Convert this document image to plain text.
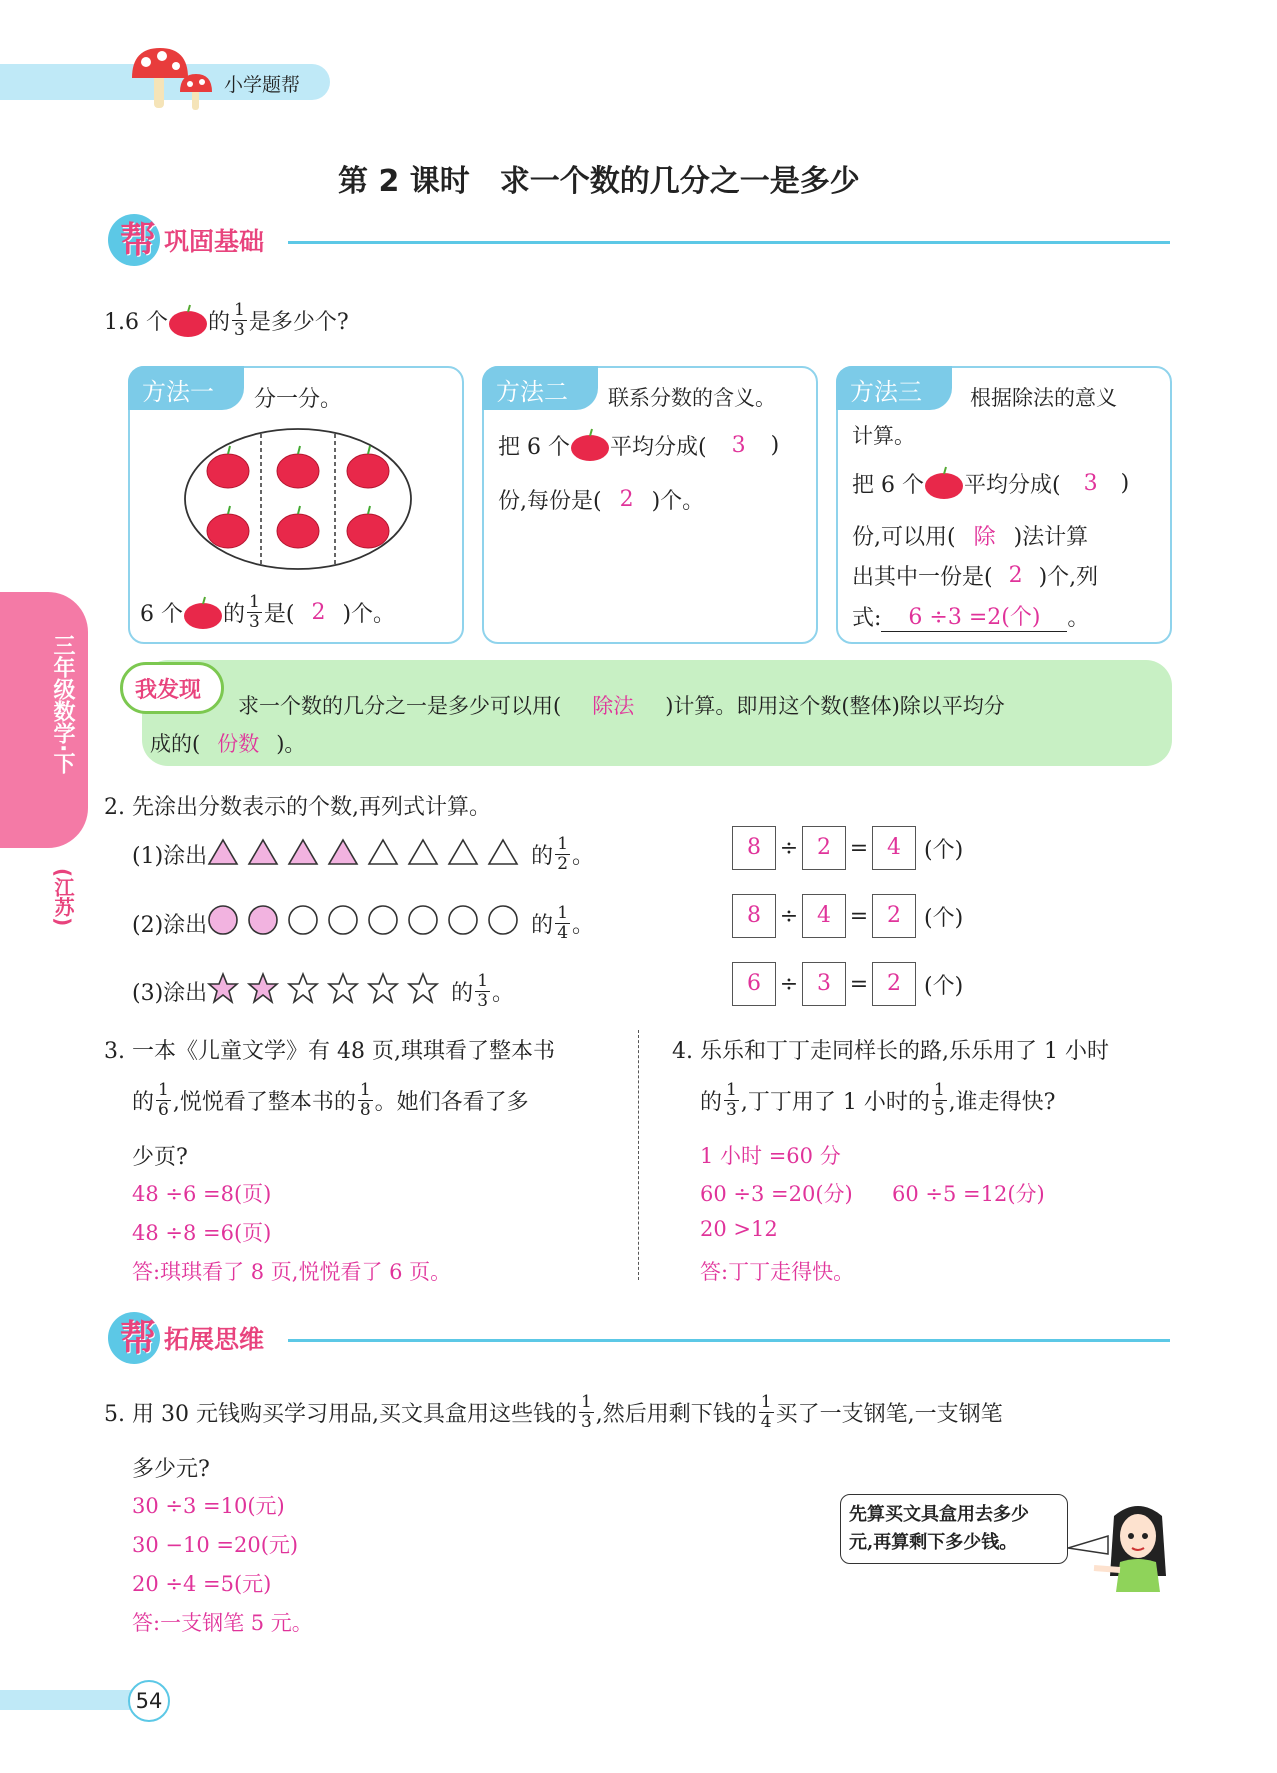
小学题帮
第 2 课时　求一个数的几分之一是多少
帮 巩固基础
三年级数学·下
(江苏)
1.6 个 的 $\frac{1}{3}$ 是多少个?
方法一	分一分。
6 个 的 $\frac{1}{3}$ 是( 2 )个。
方法二	联系分数的含义。
把 6 个 平均分成(	3	)
份,每份是( 2 )个。
方法三	根据除法的意义
计算。
把 6 个 平均分成(	3	)
份,可以用( 除 )法计算
出其中一份是( 2 )个,列
式:	6 ÷3 =2(个)	。
我发现
求一个数的几分之一是多少可以用(	除法	)计算。即用这个数(整体)除以平均分
成的( 份数 )。
2. 先涂出分数表示的个数,再列式计算。
(1)涂出	的 $\frac{1}{2}$ 。	8 ÷ 2 = 4	(个)
(2)涂出	的 $\frac{1}{4}$ 。	8 ÷ 4 = 2	(个)
(3)涂出	的 $\frac{1}{3}$ 。	6 ÷ 3 = 2	(个)
3. 一本《儿童文学》有 48 页,琪琪看了整本书
的 $\frac{1}{6}$ ,悦悦看了整本书的 $\frac{1}{8}$ 。她们各看了多
少页?
48 ÷6 =8(页)
48 ÷8 =6(页)
答:琪琪看了 8 页,悦悦看了 6 页。
4. 乐乐和丁丁走同样长的路,乐乐用了 1 小时
的 $\frac{1}{3}$ ,丁丁用了 1 小时的 $\frac{1}{5}$ ,谁走得快?
1 小时 =60 分
60 ÷3 =20(分) 60 ÷5 =12(分)
20 >12
答:丁丁走得快。
帮 拓展思维
5. 用 30 元钱购买学习用品,买文具盒用这些钱的 $\frac{1}{3}$ ,然后用剩下钱的 $\frac{1}{4}$ 买了一支钢笔,一支钢笔
多少元?
30 ÷3 =10(元)
30 −10 =20(元)
20 ÷4 =5(元)
答:一支钢笔 5 元。
先算买文具盒用去多少
元,再算剩下多少钱。
54
